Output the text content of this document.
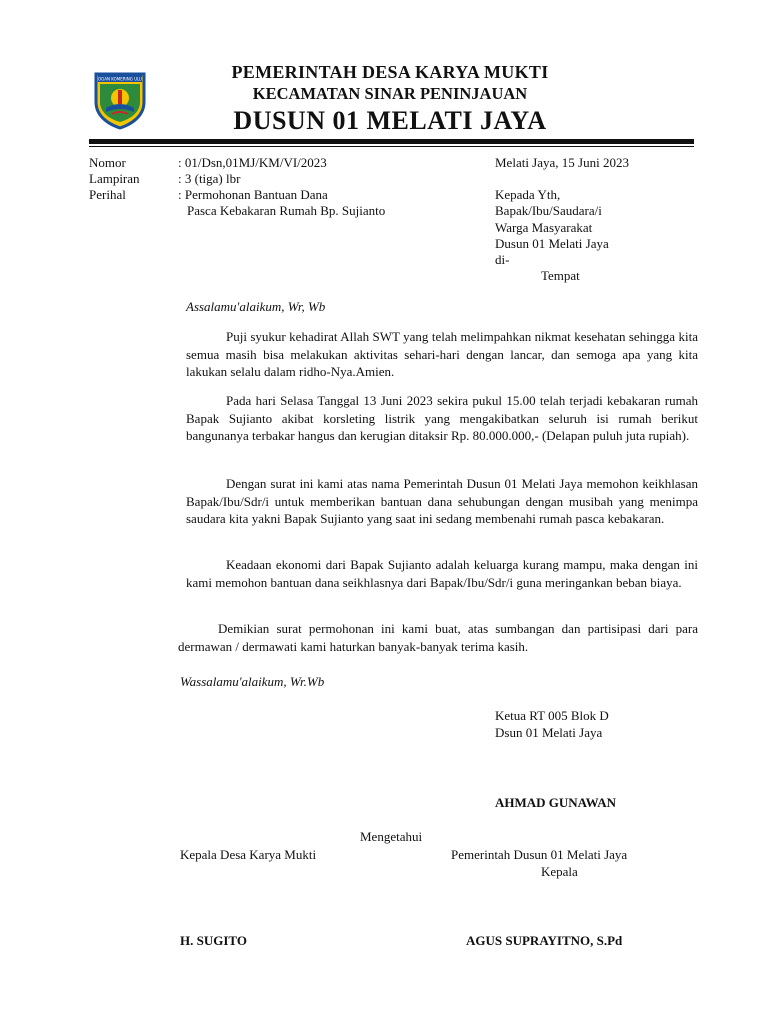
OGAN KOMERING ULU	PEMERINTAH DESA KARYA MUKTI
KECAMATAN SINAR PENINJAUAN
DUSUN 01 MELATI JAYA
Nomor	: 01/Dsn,01MJ/KM/VI/2023
Lampiran	: 3 (tiga) lbr
Perihal	: Permohonan Bantuan Dana
Pasca Kebakaran Rumah Bp. Sujianto
Melati Jaya, 15 Juni 2023
Kepada Yth,
Bapak/Ibu/Saudara/i
Warga Masyarakat
Dusun 01 Melati Jaya
di-
Tempat
Assalamu'alaikum, Wr, Wb

Puji syukur kehadirat Allah SWT yang telah melimpahkan nikmat kesehatan sehingga kita semua masih bisa melakukan aktivitas sehari-hari dengan lancar, dan semoga apa yang kita lakukan selalu dalam ridho-Nya.Amien.

Pada hari Selasa Tanggal 13 Juni 2023 sekira pukul 15.00 telah terjadi kebakaran rumah Bapak Sujianto akibat korsleting listrik yang mengakibatkan seluruh isi rumah berikut bangunanya terbakar hangus dan kerugian ditaksir Rp. 80.000.000,- (Delapan puluh juta rupiah).

Dengan surat ini kami atas nama Pemerintah Dusun 01 Melati Jaya memohon keikhlasan Bapak/Ibu/Sdr/i untuk memberikan bantuan dana sehubungan dengan musibah yang menimpa saudara kita yakni Bapak Sujianto yang saat ini sedang membenahi rumah pasca kebakaran.

Keadaan ekonomi dari Bapak Sujianto adalah keluarga kurang mampu, maka dengan ini kami memohon bantuan dana seikhlasnya dari Bapak/Ibu/Sdr/i guna meringankan beban biaya.

Demikian surat permohonan ini kami buat, atas sumbangan dan partisipasi dari para dermawan / dermawati kami haturkan banyak-banyak terima kasih.

Wassalamu'alaikum, Wr.Wb
Ketua RT 005 Blok D
Dsun 01 Melati Jaya
AHMAD GUNAWAN
Mengetahui
Kepala Desa Karya Mukti	Pemerintah Dusun 01 Melati Jaya
Kepala
H. SUGITO	AGUS SUPRAYITNO, S.Pd
